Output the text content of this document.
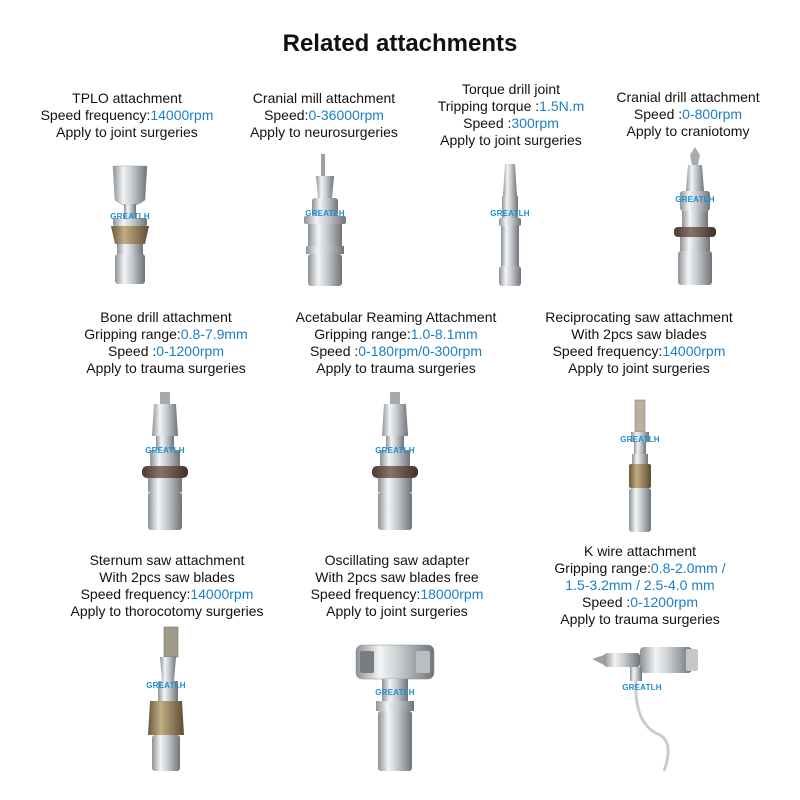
Related attachments
TPLO attachment
Speed frequency:14000rpm
Apply to joint surgeries
Cranial mill attachment
Speed:0-36000rpm
Apply to neurosurgeries
Torque drill joint
Tripping torque :1.5N.m
Speed :300rpm
Apply to joint surgeries
Cranial drill attachment
Speed :0-800rpm
Apply to craniotomy
Bone drill attachment
Gripping range:0.8-7.9mm
Speed :0-1200rpm
Apply to trauma surgeries
Acetabular Reaming Attachment
Gripping range:1.0-8.1mm
Speed :0-180rpm/0-300rpm
Apply to trauma surgeries
Reciprocating saw attachment
With 2pcs saw blades
Speed frequency:14000rpm
Apply to joint surgeries
Sternum saw attachment
With 2pcs saw blades
Speed frequency:14000rpm
Apply to thorocotomy surgeries
Oscillating saw adapter
With 2pcs saw blades free
Speed frequency:18000rpm
Apply to joint surgeries
K wire attachment
Gripping range:0.8-2.0mm /
1.5-3.2mm / 2.5-4.0 mm
Speed :0-1200rpm
Apply to trauma surgeries
GREATLH	GREATLH	GREATLH
GREATLH
GREATLH	GREATLH
GREATLH
GREATLH
GREATLH
GREATLH
